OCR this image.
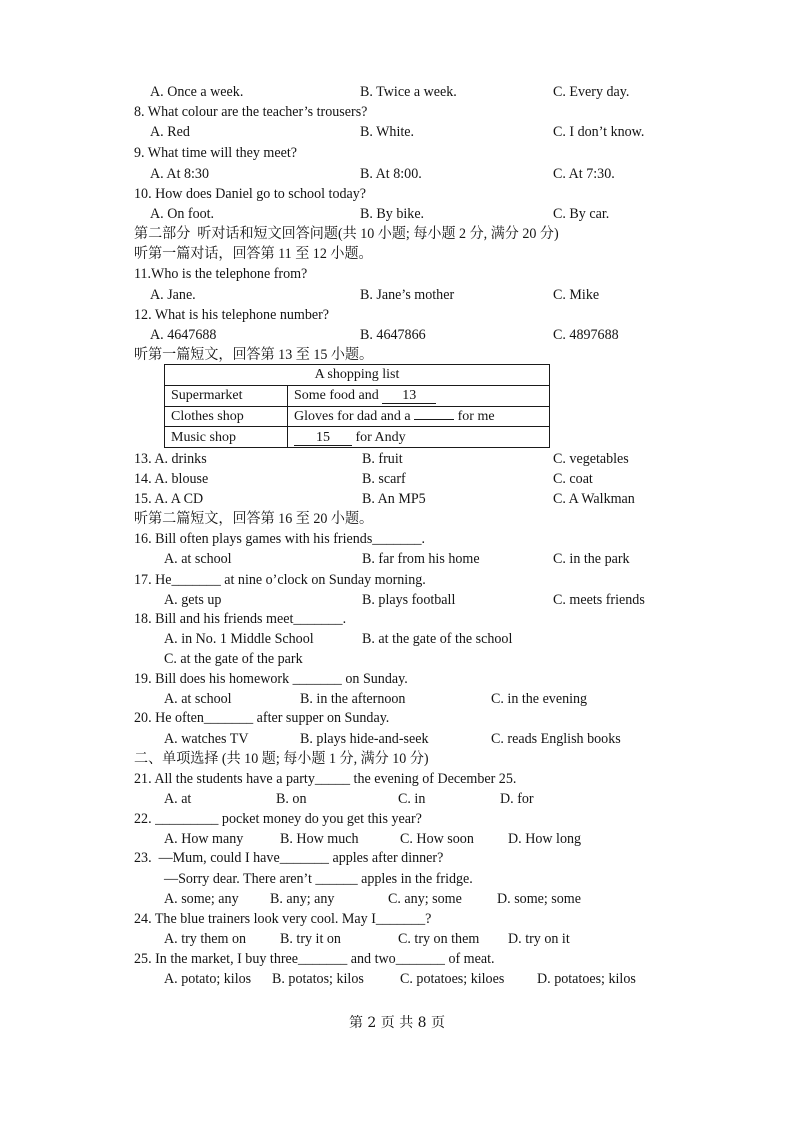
A. Once a week.	B. Twice a week.	C. Every day.
8. What colour are the teacher’s trousers?
A. Red	B. White.	C. I don’t know.
9. What time will they meet?
A. At 8:30	B. At 8:00.	C. At 7:30.
10. How does Daniel go to school today?
A. On foot.	B. By bike.	C. By car.
第二部分  听对话和短文回答问题(共 10 小题; 每小题 2 分, 满分 20 分)
听第一篇对话，回答第 11 至 12 小题。
11.Who is the telephone from?
A. Jane.	B. Jane’s mother	C. Mike
12. What is his telephone number?
A. 4647688	B. 4647866	C. 4897688
听第一篇短文，回答第 13 至 15 小题。
13. A. drinks	B. fruit	C. vegetables
14. A. blouse	B. scarf	C. coat
15. A. A CD	B. An MP5	C. A Walkman
听第二篇短文，回答第 16 至 20 小题。
16. Bill often plays games with his friends_______.
A. at school	B. far from his home	C. in the park
17. He_______ at nine o’clock on Sunday morning.
A. gets up	B. plays football	C. meets friends
18. Bill and his friends meet_______.
A. in No. 1 Middle School	B. at the gate of the school
C. at the gate of the park
19. Bill does his homework _______ on Sunday.
A. at school	B. in the afternoon	C. in the evening
20. He often_______ after supper on Sunday.
A. watches TV	B. plays hide-and-seek	C. reads English books
二、单项选择 (共 10 题; 每小题 1 分, 满分 10 分)
21. All the students have a party_____ the evening of December 25.
A. at	B. on	C. in	D. for
22. _________ pocket money do you get this year?
A. How many	B. How much	C. How soon D. How long
23.  —Mum, could I have_______ apples after dinner?
—Sorry dear. There aren’t ______ apples in the fridge.
A. some; any B. any; any	C. any; some D. some; some
24. The blue trainers look very cool. May I_______?
A. try them on B. try it on	C. try on them D. try on it
25. In the market, I buy three_______ and two_______ of meat.
A. potato; kilos B. potatos; kilos C. potatoes; kiloes D. potatoes; kilos
A shopping list	
Supermarket	Some food and 13
Clothes shop	Gloves for dad and a for me
Music shop	15 for Andy
第 2 页 共 8 页
